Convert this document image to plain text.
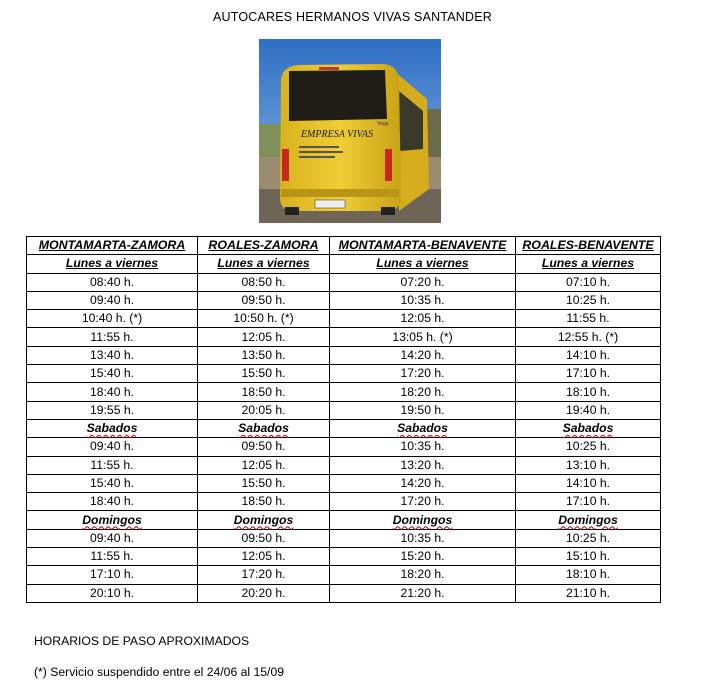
AUTOCARES HERMANOS VIVAS SANTANDER
EMPRESA VIVAS
Vega
MONTAMARTA-ZAMORA	ROALES-ZAMORA	MONTAMARTA-BENAVENTE	ROALES-BENAVENTE
Lunes a viernes	Lunes a viernes	Lunes a viernes	Lunes a viernes
08:40 h.	08:50 h.	07:20 h.	07:10 h.
09:40 h.	09:50 h.	10:35 h.	10:25 h.
10:40 h. (*)	10:50 h. (*)	12:05 h.	11:55 h.
11:55 h.	12:05 h.	13:05 h. (*)	12:55 h. (*)
13:40 h.	13:50 h.	14:20 h.	14:10 h.
15:40 h.	15:50 h.	17:20 h.	17:10 h.
18:40 h.	18:50 h.	18:20 h.	18:10 h.
19:55 h.	20:05 h.	19:50 h.	19:40 h.
Sabados	Sabados	Sabados	Sabados
09:40 h.	09:50 h.	10:35 h.	10:25 h.
11:55 h.	12:05 h.	13:20 h.	13:10 h.
15:40 h.	15:50 h.	14:20 h.	14:10 h.
18:40 h.	18:50 h.	17:20 h.	17:10 h.
Domingos	Domingos	Domingos	Domingos
09:40 h.	09:50 h.	10:35 h.	10:25 h.
11:55 h.	12:05 h.	15:20 h.	15:10 h.
17:10 h.	17:20 h.	18:20 h.	18:10 h.
20:10 h.	20:20 h.	21:20 h.	21:10 h.
HORARIOS DE PASO APROXIMADOS
(*) Servicio suspendido entre el 24/06 al 15/09
